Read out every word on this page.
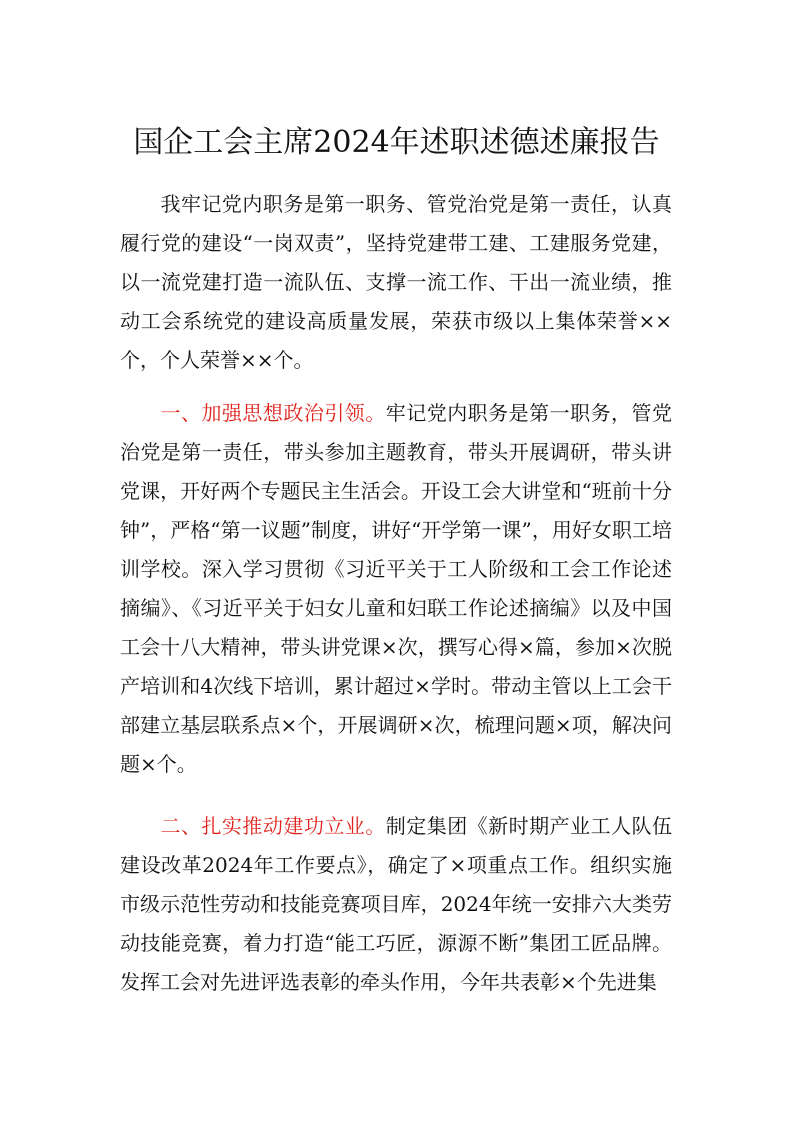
国企工会主席2024年述职述德述廉报告

我牢记党内职务是第一职务、管党治党是第一责任，认真履行党的建设“一岗双责”，坚持党建带工建、工建服务党建，以一流党建打造一流队伍、支撑一流工作、干出一流业绩，推动工会系统党的建设高质量发展，荣获市级以上集体荣誉××个，个人荣誉××个。

一、加强思想政治引领。牢记党内职务是第一职务，管党治党是第一责任，带头参加主题教育，带头开展调研，带头讲党课，开好两个专题民主生活会。开设工会大讲堂和“班前十分钟”，严格“第一议题”制度，讲好“开学第一课”，用好女职工培训学校。深入学习贯彻《习近平关于工人阶级和工会工作论述摘编》、《习近平关于妇女儿童和妇联工作论述摘编》以及中国工会十八大精神，带头讲党课×次，撰写心得×篇，参加×次脱产培训和4次线下培训，累计超过×学时。带动主管以上工会干部建立基层联系点×个，开展调研×次，梳理问题×项，解决问题×个。

二、扎实推动建功立业。制定集团《新时期产业工人队伍建设改革2024年工作要点》，确定了×项重点工作。组织实施市级示范性劳动和技能竞赛项目库，2024年统一安排六大类劳动技能竞赛，着力打造“能工巧匠，源源不断”集团工匠品牌。发挥工会对先进评选表彰的牵头作用，今年共表彰×个先进集
